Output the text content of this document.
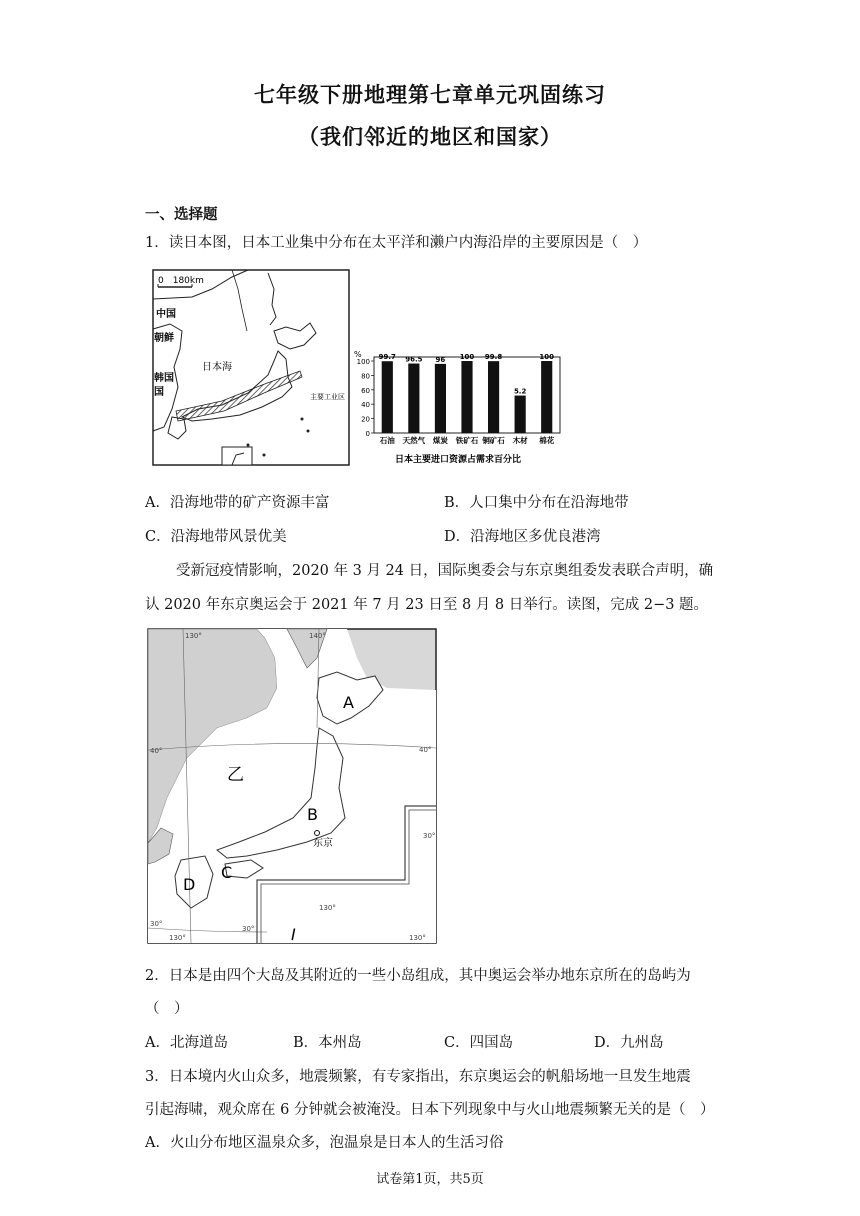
七年级下册地理第七章单元巩固练习
（我们邻近的地区和国家）
一、选择题
1．读日本图，日本工业集中分布在太平洋和濑户内海沿岸的主要原因是（　）
0　180km
中国
朝鲜
韩国
国
日本海
主要工业区
%
0
20
40
60
80
100
99.7 96.5 96 100 99.8
5.2
100
石油 天然气 煤炭 铁矿石 铜矿石 木材 棉花
日本主要进口资源占需求百分比
A．沿海地带的矿产资源丰富	B．人口集中分布在沿海地带
C．沿海地带风景优美	D．沿海地区多优良港湾
受新冠疫情影响，2020 年 3 月 24 日，国际奥委会与东京奥组委发表联合声明，确
认 2020 年东京奥运会于 2021 年 7 月 23 日至 8 月 8 日举行。读图，完成 2−3 题。
130°	140°
40°	40°
30°
30°
30°
130°
130°
130°
A
乙
B
东京
C
D
I
2．日本是由四个大岛及其附近的一些小岛组成，其中奥运会举办地东京所在的岛屿为
（　）
A．北海道岛	B．本州岛	C．四国岛	D．九州岛
3．日本境内火山众多，地震频繁，有专家指出，东京奥运会的帆船场地一旦发生地震
引起海啸，观众席在 6 分钟就会被淹没。日本下列现象中与火山地震频繁无关的是（　）
A．火山分布地区温泉众多，泡温泉是日本人的生活习俗
试卷第1页，共5页
